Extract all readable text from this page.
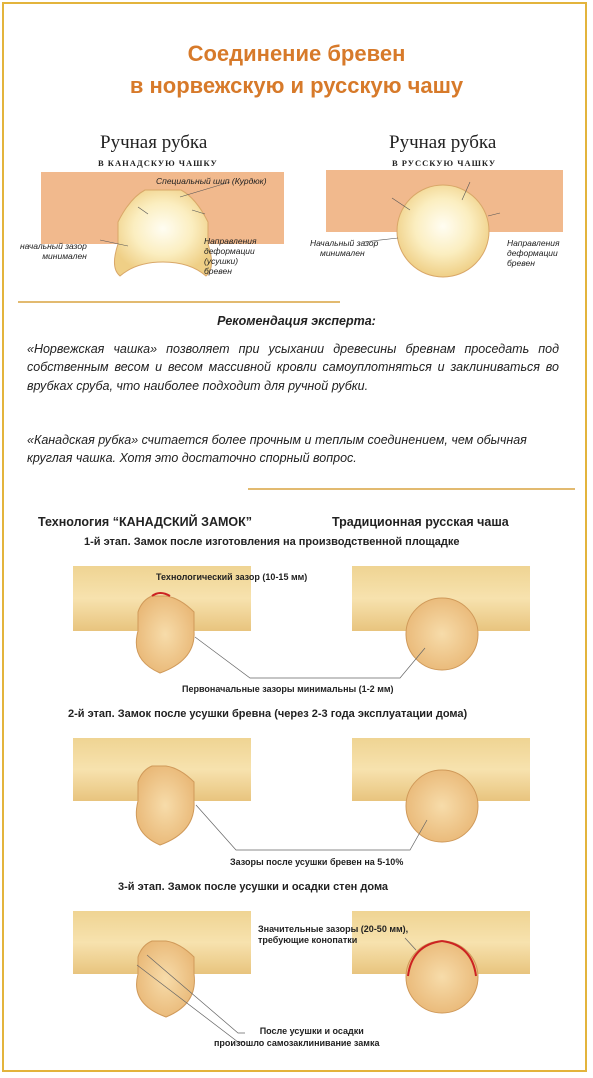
Соединение бревен
в норвежскую и русскую чашу
Ручная рубка
В КАНАДСКУЮ ЧАШКУ
Специальный шип (Курдюк)
начальный зазор
минимален
Направления
деформации
(усушки)
бревен
Ручная рубка
В РУССКУЮ ЧАШКУ
Начальный зазор
минимален
Направления
деформации
бревен
Рекомендация эксперта:
«Норвежская чашка» позволяет при усыхании древесины бревнам проседать под собственным весом и весом массивной кровли самоуплотняться и заклиниваться во врубках сруба, что наиболее подходит для ручной рубки.
«Канадская рубка» считается более прочным и теплым соединением, чем обычная круглая чашка. Хотя это достаточно спорный вопрос.
Технология “КАНАДСКИЙ ЗАМОК”	Традиционная русская чаша
1-й этап. Замок после изготовления на производственной площадке
Технологический зазор (10-15 мм)
Первоначальные зазоры минимальны (1-2 мм)
2-й этап. Замок после усушки бревна (через 2-3 года эксплуатации дома)
Зазоры после усушки бревен на 5-10%
3-й этап. Замок после усушки и осадки стен дома
Значительные зазоры (20-50 мм),
требующие конопатки
После усушки и осадки
произошло самозаклинивание замка
